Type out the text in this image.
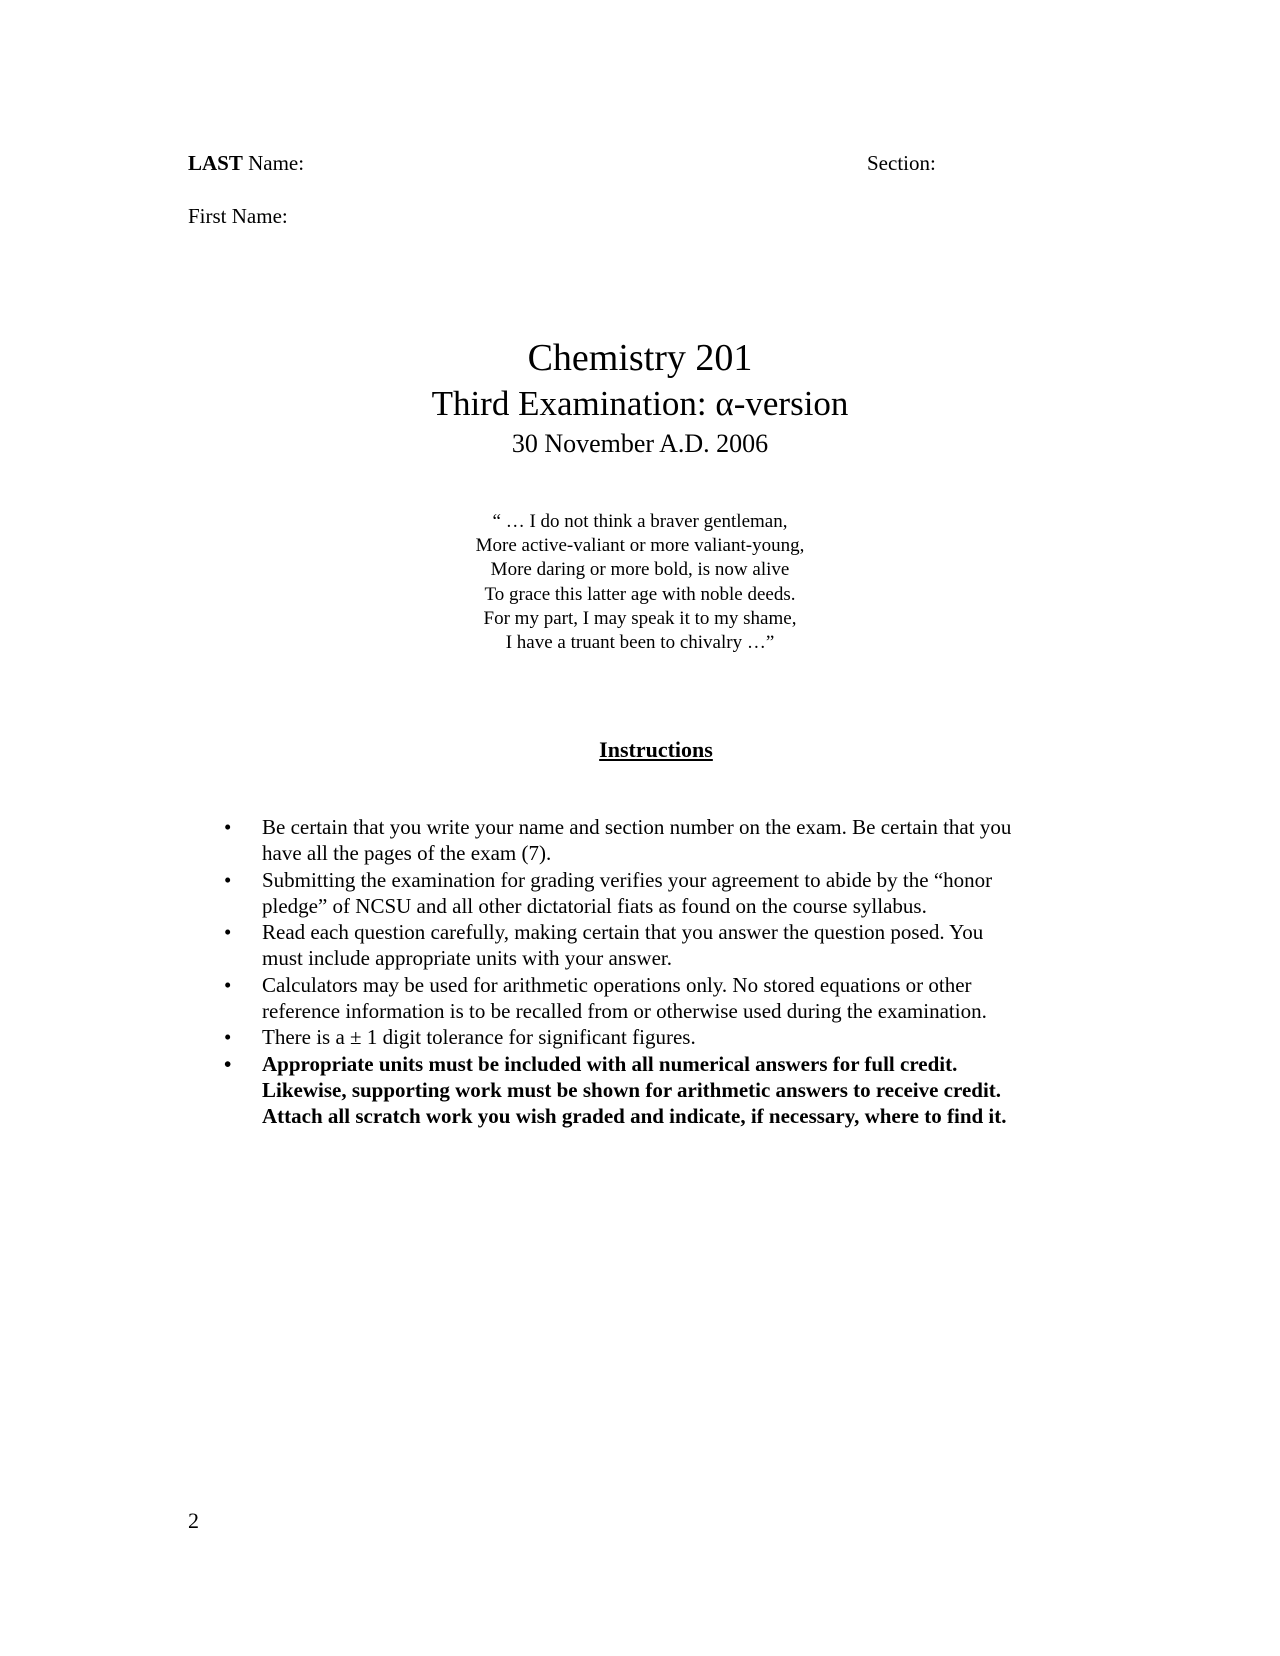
LAST Name:	Section:
First Name:
Chemistry 201
Third Examination: α-version
30 November A.D. 2006
“ … I do not think a braver gentleman,
More active-valiant or more valiant-young,
More daring or more bold, is now alive
To grace this latter age with noble deeds.
For my part, I may speak it to my shame,
I have a truant been to chivalry …”
Instructions
• Be certain that you write your name and section number on the exam. Be certain that you
have all the pages of the exam (7).
• Submitting the examination for grading verifies your agreement to abide by the “honor
pledge” of NCSU and all other dictatorial fiats as found on the course syllabus.
• Read each question carefully, making certain that you answer the question posed. You
must include appropriate units with your answer.
• Calculators may be used for arithmetic operations only. No stored equations or other
reference information is to be recalled from or otherwise used during the examination.
• There is a ± 1 digit tolerance for significant figures.
• Appropriate units must be included with all numerical answers for full credit.
Likewise, supporting work must be shown for arithmetic answers to receive credit.
Attach all scratch work you wish graded and indicate, if necessary, where to find it.
2
